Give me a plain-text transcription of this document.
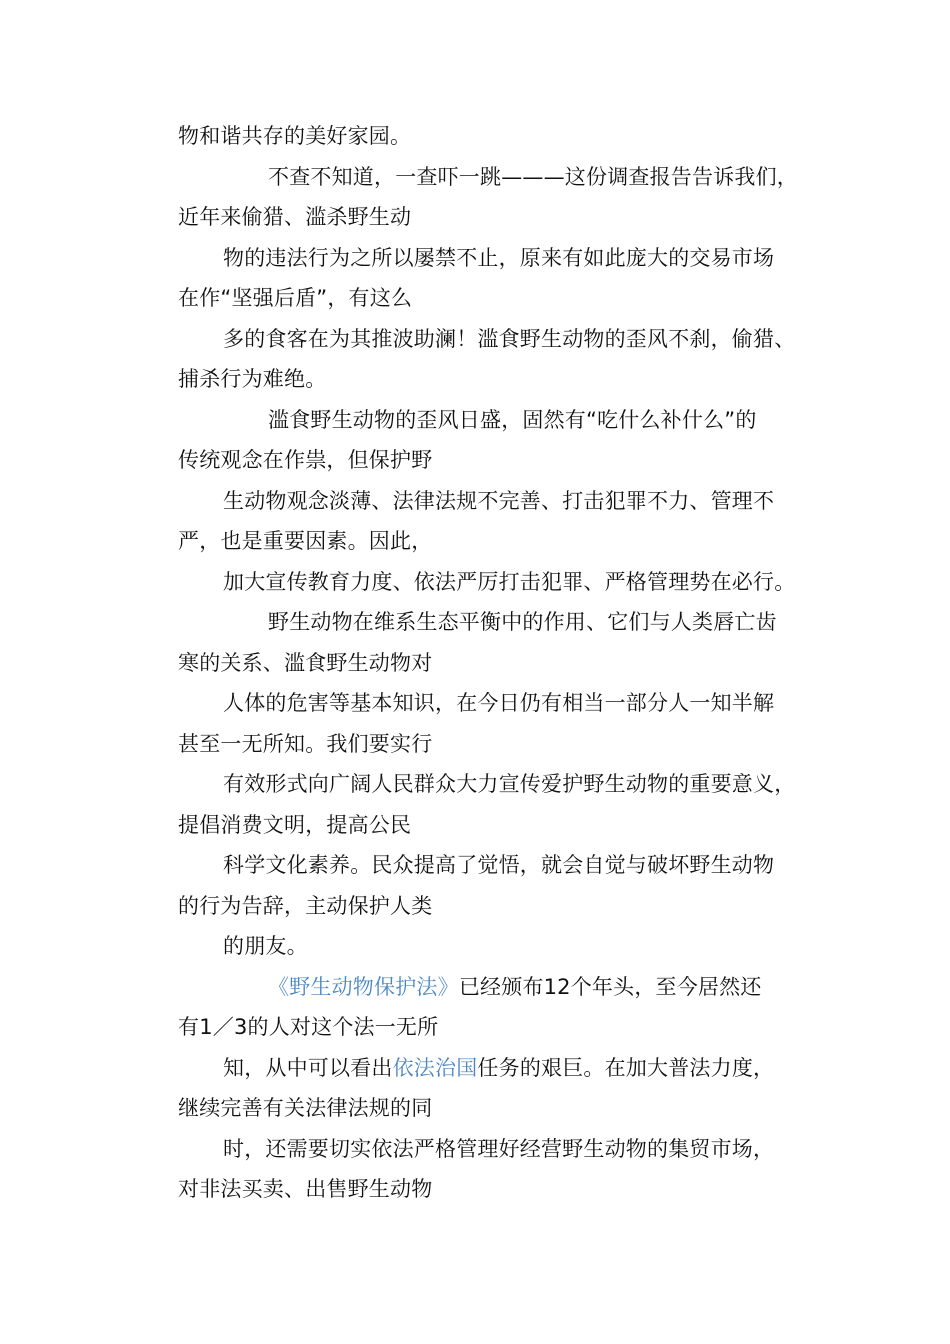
物和谐共存的美好家园。
不查不知道，一查吓一跳———这份调查报告告诉我们，
近年来偷猎、滥杀野生动
物的违法行为之所以屡禁不止，原来有如此庞大的交易市场
在作“坚强后盾”，有这么
多的食客在为其推波助澜！滥食野生动物的歪风不刹，偷猎、
捕杀行为难绝。
滥食野生动物的歪风日盛，固然有“吃什么补什么”的
传统观念在作祟，但保护野
生动物观念淡薄、法律法规不完善、打击犯罪不力、管理不
严，也是重要因素。因此，
加大宣传教育力度、依法严厉打击犯罪、严格管理势在必行。
野生动物在维系生态平衡中的作用、它们与人类唇亡齿
寒的关系、滥食野生动物对
人体的危害等基本知识，在今日仍有相当一部分人一知半解
甚至一无所知。我们要实行
有效形式向广阔人民群众大力宣传爱护野生动物的重要意义，
提倡消费文明，提高公民
科学文化素养。民众提高了觉悟，就会自觉与破坏野生动物
的行为告辞，主动保护人类
的朋友。
《野生动物保护法》已经颁布12个年头，至今居然还
有1／3的人对这个法一无所
知，从中可以看出依法治国任务的艰巨。在加大普法力度，
继续完善有关法律法规的同
时，还需要切实依法严格管理好经营野生动物的集贸市场，
对非法买卖、出售野生动物
